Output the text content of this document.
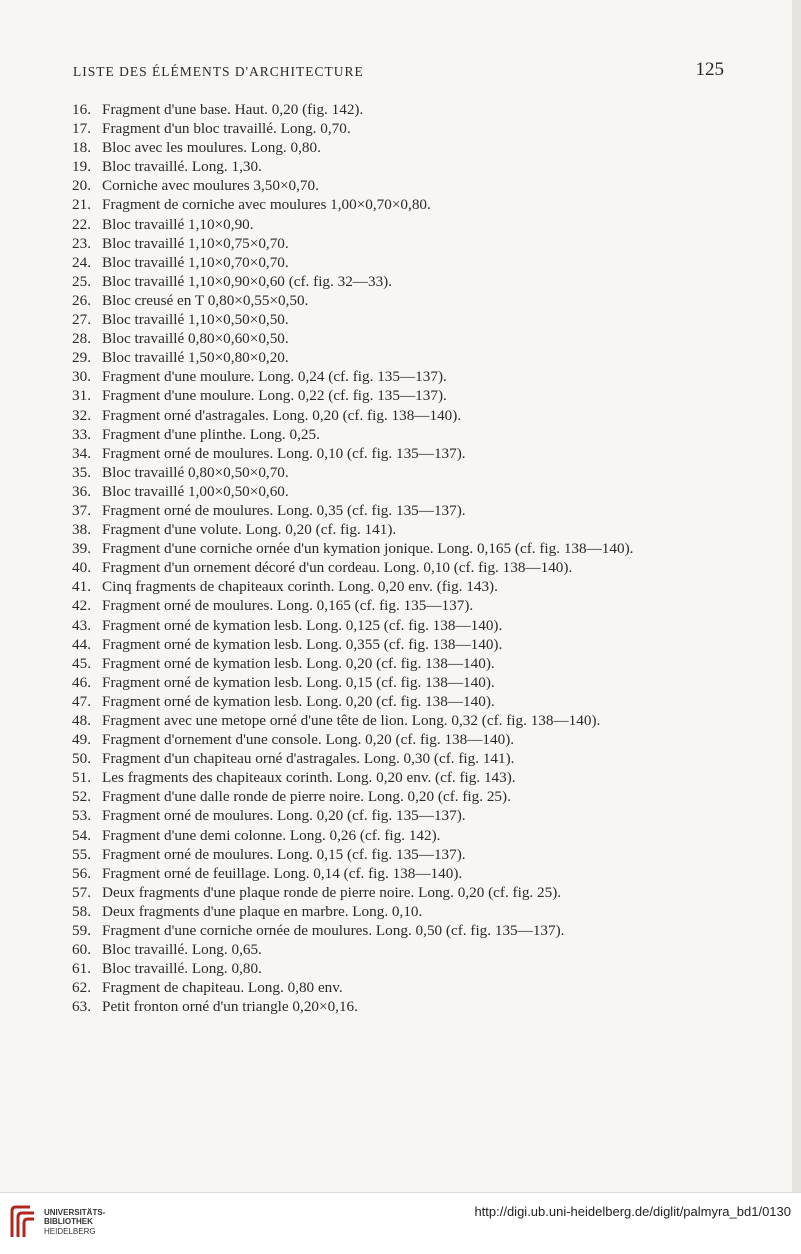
LISTE DES ÉLÉMENTS D'ARCHITECTURE	125
16. Fragment d'une base. Haut. 0,20 (fig. 142).
17. Fragment d'un bloc travaillé. Long. 0,70.
18. Bloc avec les moulures. Long. 0,80.
19. Bloc travaillé. Long. 1,30.
20. Corniche avec moulures 3,50×0,70.
21. Fragment de corniche avec moulures 1,00×0,70×0,80.
22. Bloc travaillé 1,10×0,90.
23. Bloc travaillé 1,10×0,75×0,70.
24. Bloc travaillé 1,10×0,70×0,70.
25. Bloc travaillé 1,10×0,90×0,60 (cf. fig. 32—33).
26. Bloc creusé en T 0,80×0,55×0,50.
27. Bloc travaillé 1,10×0,50×0,50.
28. Bloc travaillé 0,80×0,60×0,50.
29. Bloc travaillé 1,50×0,80×0,20.
30. Fragment d'une moulure. Long. 0,24 (cf. fig. 135—137).
31. Fragment d'une moulure. Long. 0,22 (cf. fig. 135—137).
32. Fragment orné d'astragales. Long. 0,20 (cf. fig. 138—140).
33. Fragment d'une plinthe. Long. 0,25.
34. Fragment orné de moulures. Long. 0,10 (cf. fig. 135—137).
35. Bloc travaillé 0,80×0,50×0,70.
36. Bloc travaillé 1,00×0,50×0,60.
37. Fragment orné de moulures. Long. 0,35 (cf. fig. 135—137).
38. Fragment d'une volute. Long. 0,20 (cf. fig. 141).
39. Fragment d'une corniche ornée d'un kymation jonique. Long. 0,165 (cf. fig. 138—140).
40. Fragment d'un ornement décoré d'un cordeau. Long. 0,10 (cf. fig. 138—140).
41. Cinq fragments de chapiteaux corinth. Long. 0,20 env. (fig. 143).
42. Fragment orné de moulures. Long. 0,165 (cf. fig. 135—137).
43. Fragment orné de kymation lesb. Long. 0,125 (cf. fig. 138—140).
44. Fragment orné de kymation lesb. Long. 0,355 (cf. fig. 138—140).
45. Fragment orné de kymation lesb. Long. 0,20 (cf. fig. 138—140).
46. Fragment orné de kymation lesb. Long. 0,15 (cf. fig. 138—140).
47. Fragment orné de kymation lesb. Long. 0,20 (cf. fig. 138—140).
48. Fragment avec une metope orné d'une tête de lion. Long. 0,32 (cf. fig. 138—140).
49. Fragment d'ornement d'une console. Long. 0,20 (cf. fig. 138—140).
50. Fragment d'un chapiteau orné d'astragales. Long. 0,30 (cf. fig. 141).
51. Les fragments des chapiteaux corinth. Long. 0,20 env. (cf. fig. 143).
52. Fragment d'une dalle ronde de pierre noire. Long. 0,20 (cf. fig. 25).
53. Fragment orné de moulures. Long. 0,20 (cf. fig. 135—137).
54. Fragment d'une demi colonne. Long. 0,26 (cf. fig. 142).
55. Fragment orné de moulures. Long. 0,15 (cf. fig. 135—137).
56. Fragment orné de feuillage. Long. 0,14 (cf. fig. 138—140).
57. Deux fragments d'une plaque ronde de pierre noire. Long. 0,20 (cf. fig. 25).
58. Deux fragments d'une plaque en marbre. Long. 0,10.
59. Fragment d'une corniche ornée de moulures. Long. 0,50 (cf. fig. 135—137).
60. Bloc travaillé. Long. 0,65.
61. Bloc travaillé. Long. 0,80.
62. Fragment de chapiteau. Long. 0,80 env.
63. Petit fronton orné d'un triangle 0,20×0,16.
UNIVERSITÄTS-
BIBLIOTHEK
HEIDELBERG
http://digi.ub.uni-heidelberg.de/diglit/palmyra_bd1/0130
